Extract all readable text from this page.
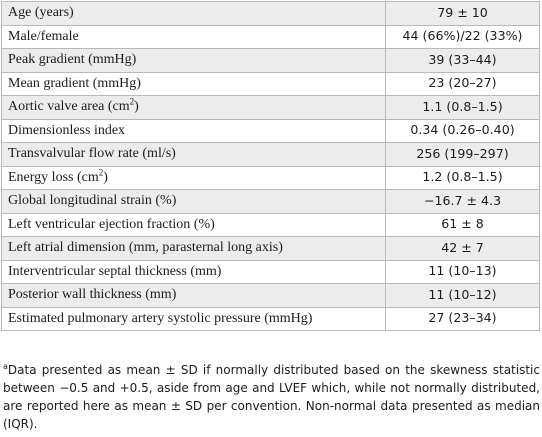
Age (years)	79 ± 10
Male/female	44 (66%)/22 (33%)
Peak gradient (mmHg)	39 (33–44)
Mean gradient (mmHg)	23 (20–27)
Aortic valve area $(cm^2)$	1.1 (0.8–1.5)
Dimensionless index	0.34 (0.26–0.40)
Transvalvular flow rate (ml/s)	256 (199–297)
Energy loss $(cm^2)$	1.2 (0.8–1.5)
Global longitudinal strain (%)	−16.7 ± 4.3
Left ventricular ejection fraction (%)	61 ± 8
Left atrial dimension (mm, parasternal long axis)	42 ± 7
Interventricular septal thickness (mm)	11 (10–13)
Posterior wall thickness (mm)	11 (10–12)
Estimated pulmonary artery systolic pressure (mmHg)	27 (23–34)
$^a$Data presented as mean ± SD if normally distributed based on the skewness statistic between −0.5 and +0.5, aside from age and LVEF which, while not normally distributed, are reported here as mean ± SD per convention. Non-normal data presented as median (IQR).
